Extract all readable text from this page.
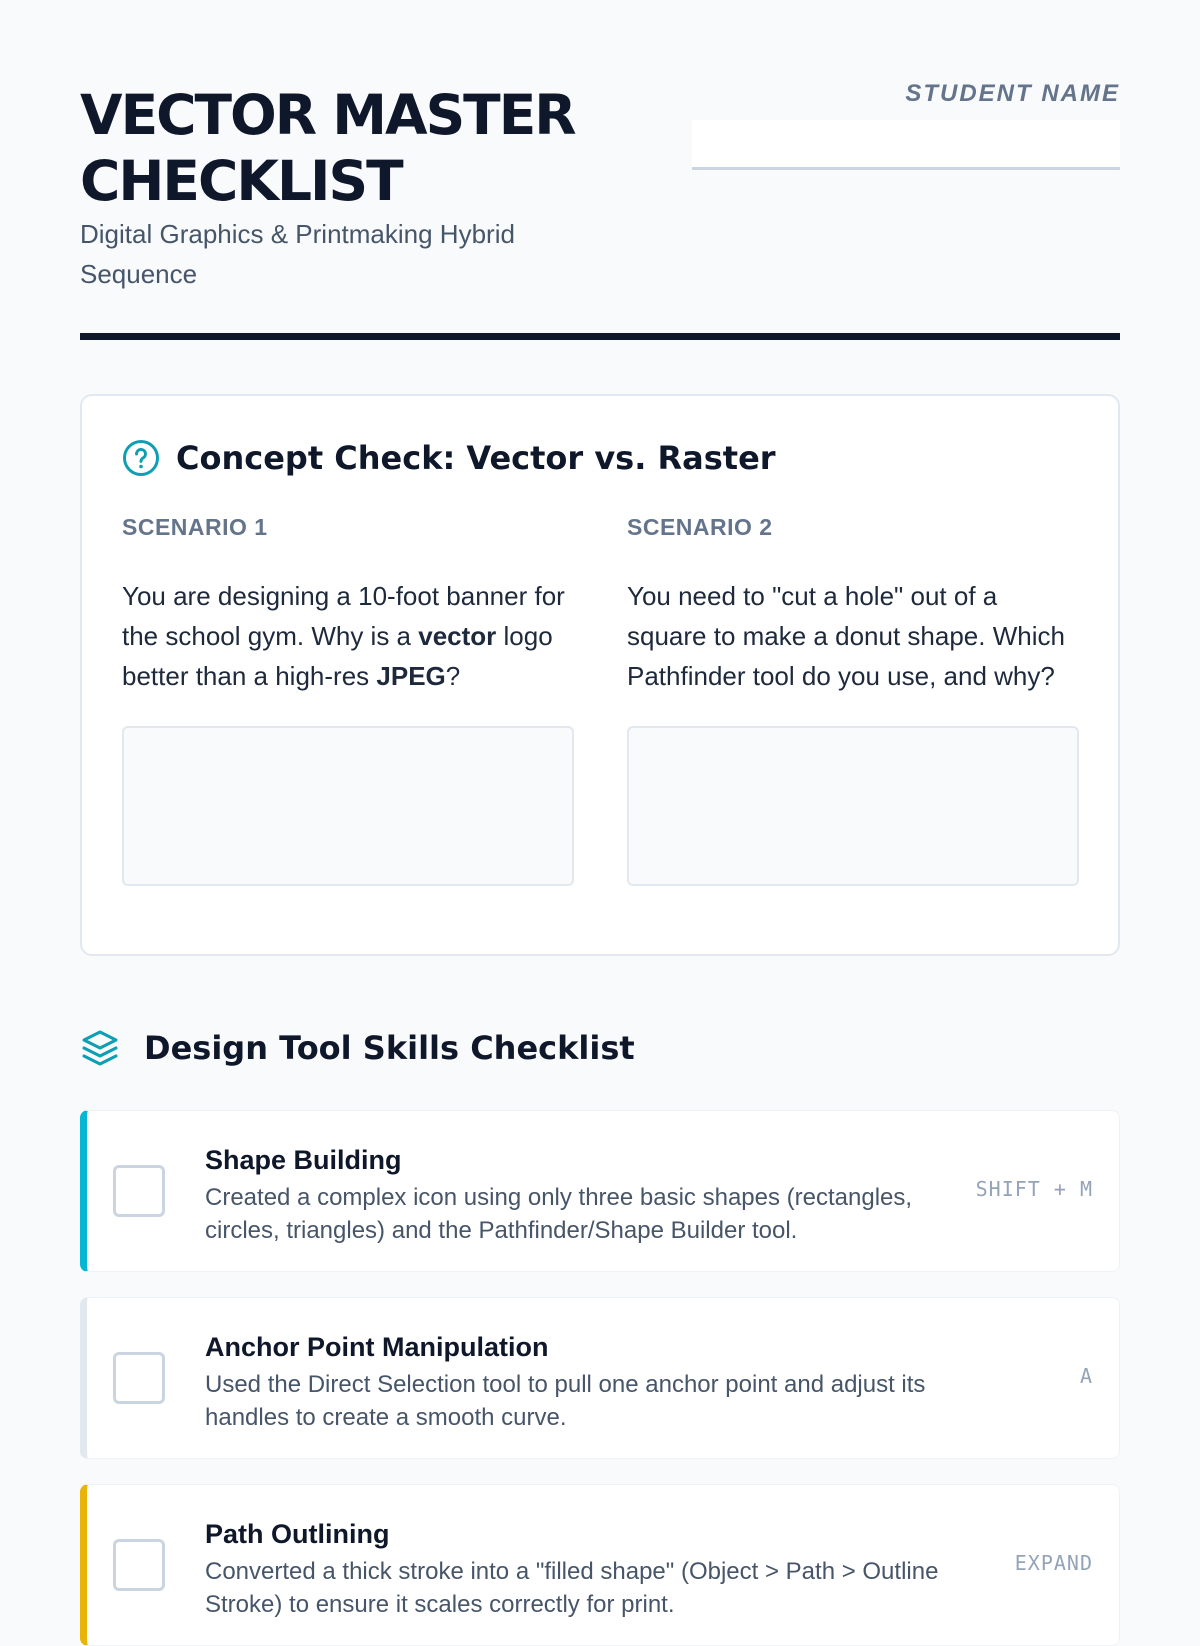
VECTOR MASTER CHECKLIST
Digital Graphics & Printmaking Hybrid Sequence
STUDENT NAME
Concept Check: Vector vs. Raster
SCENARIO 1
You are designing a 10-foot banner for the school gym. Why is a vector logo better than a high-res JPEG?
SCENARIO 2
You need to "cut a hole" out of a square to make a donut shape. Which Pathfinder tool do you use, and why?
Design Tool Skills Checklist
Shape Building
Created a complex icon using only three basic shapes (rectangles, circles, triangles) and the Pathfinder/Shape Builder tool.
SHIFT + M
Anchor Point Manipulation
Used the Direct Selection tool to pull one anchor point and adjust its handles to create a smooth curve.
A
Path Outlining
Converted a thick stroke into a "filled shape" (Object > Path > Outline Stroke) to ensure it scales correctly for print.
EXPAND
